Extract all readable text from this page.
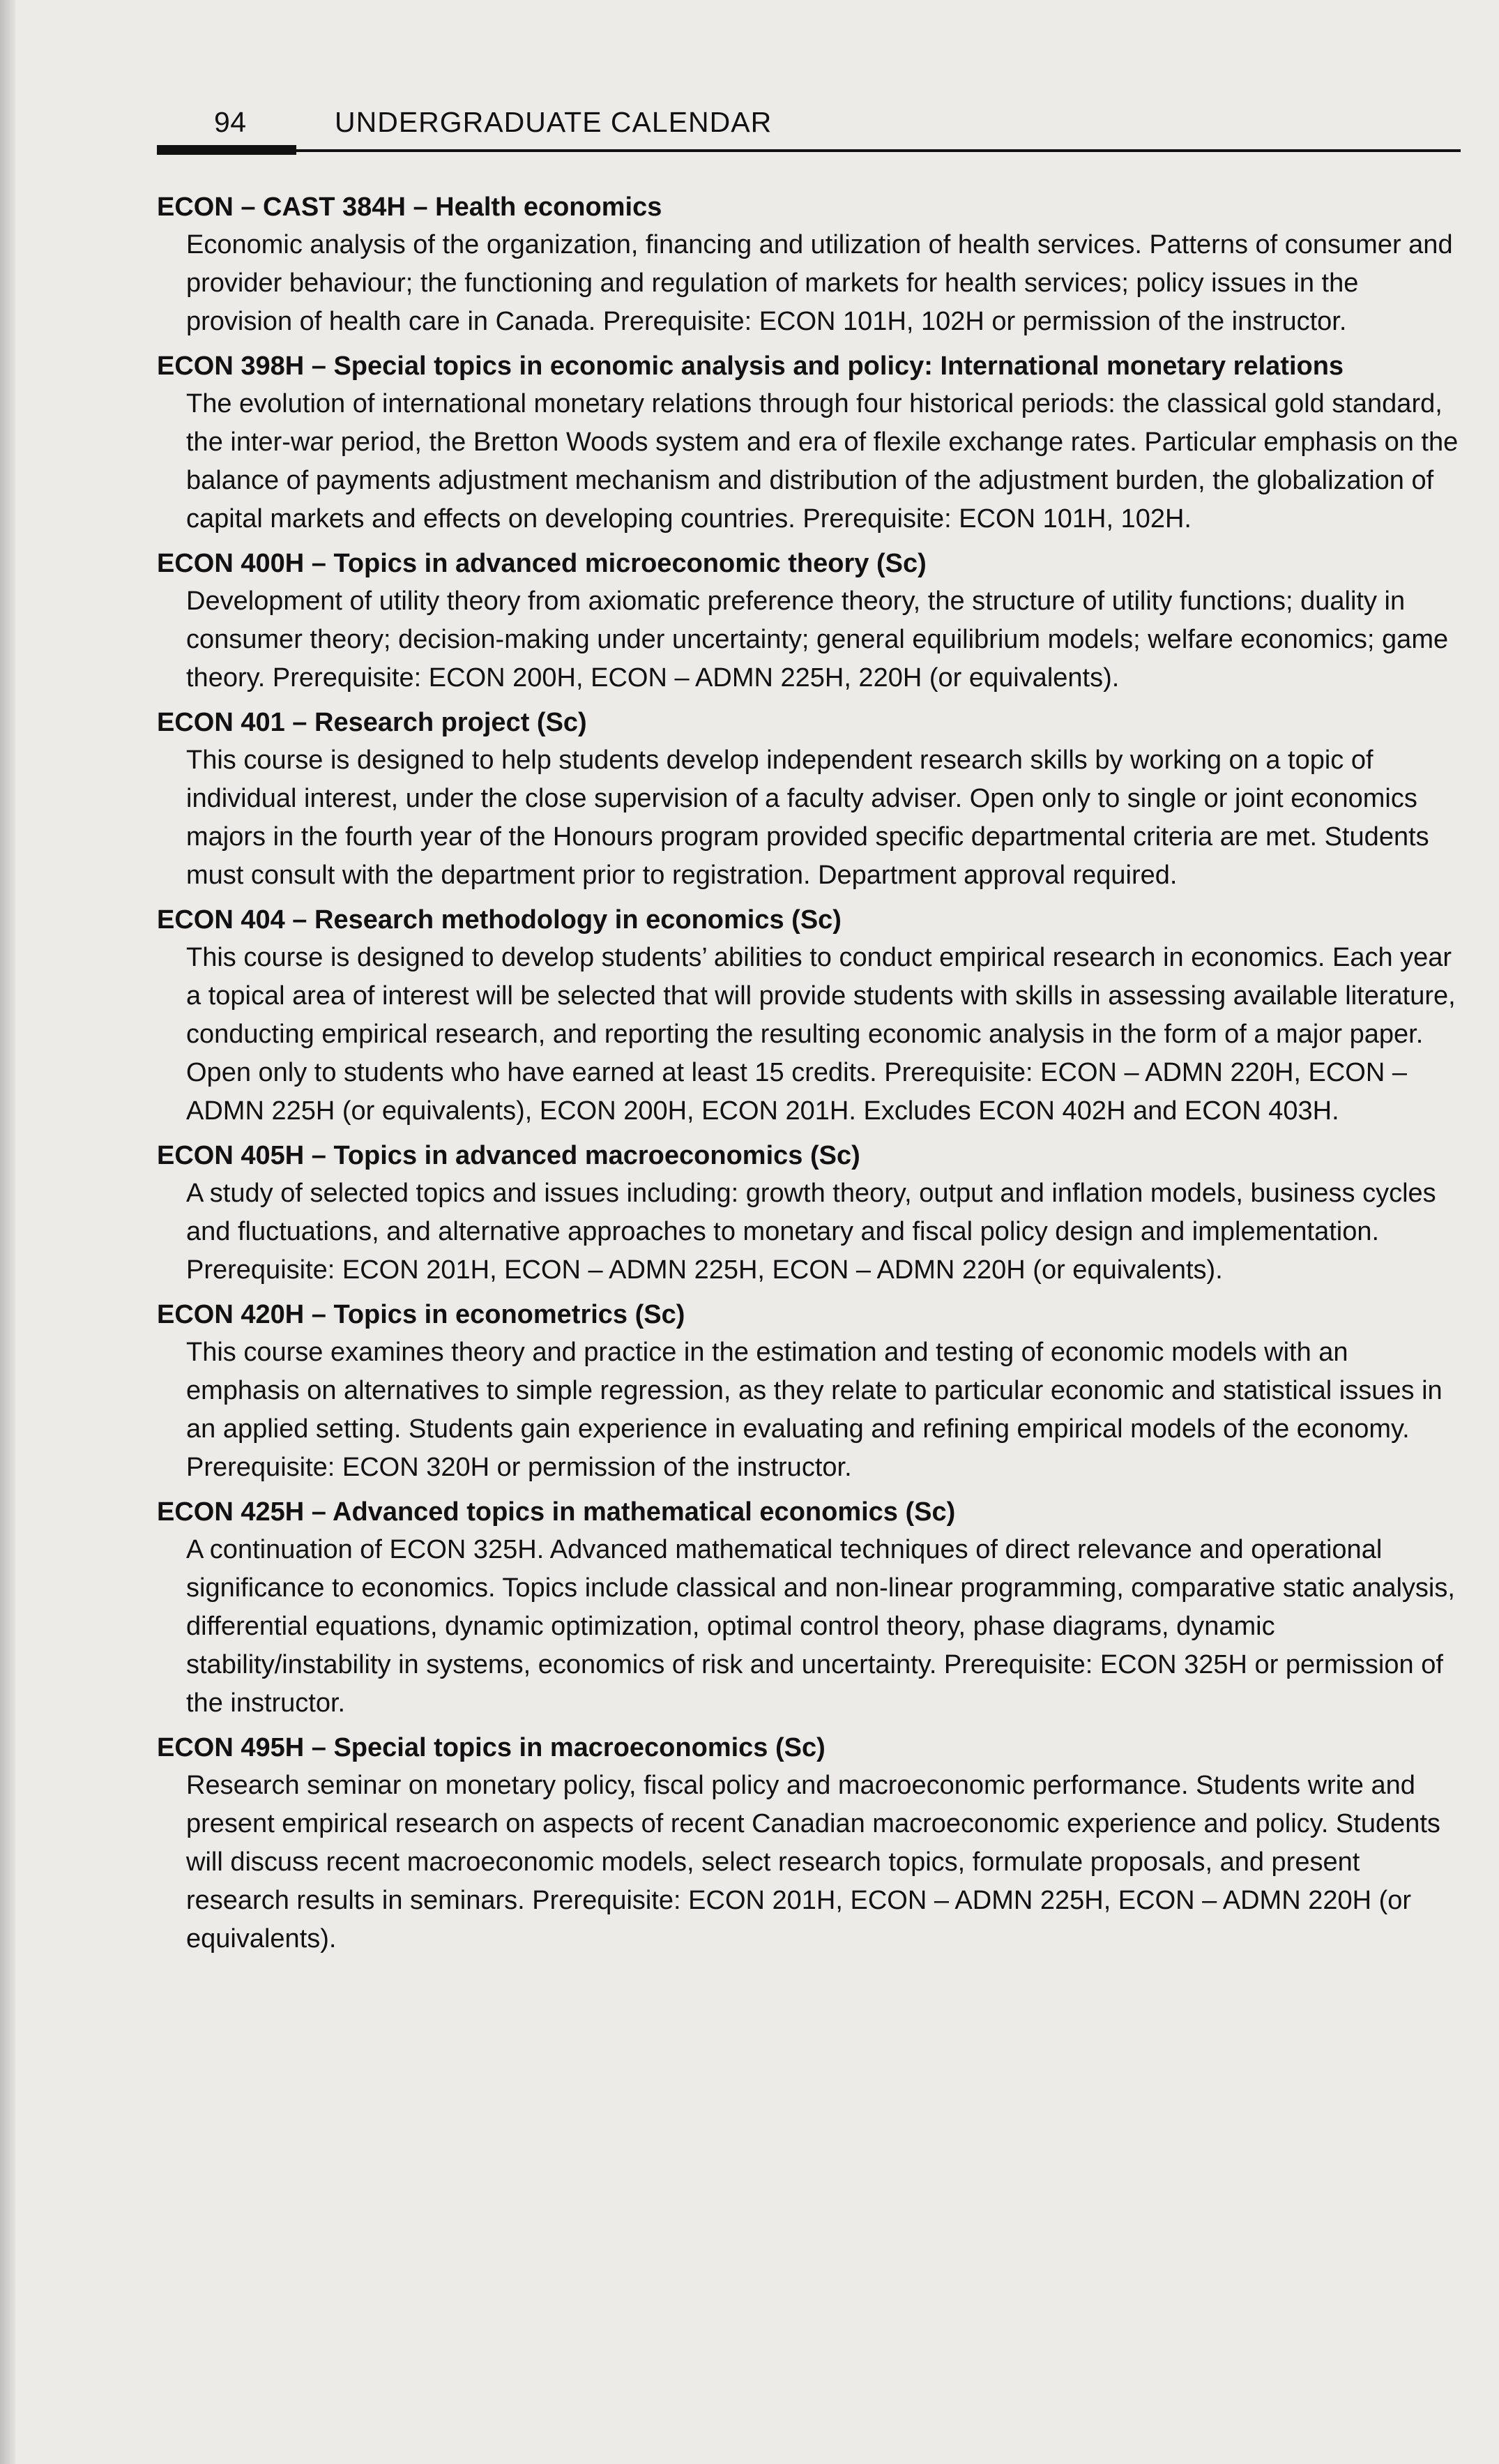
94	UNDERGRADUATE CALENDAR

ECON – CAST 384H – Health economics

Economic analysis of the organization, financing and utilization of health services. Patterns of consumer and provider behaviour; the functioning and regulation of markets for health services; policy issues in the provision of health care in Canada. Prerequisite: ECON 101H, 102H or permission of the instructor.

ECON 398H – Special topics in economic analysis and policy: International monetary relations

The evolution of international monetary relations through four historical periods: the classical gold standard, the inter-war period, the Bretton Woods system and era of flexile exchange rates. Particular emphasis on the balance of payments adjustment mechanism and distribution of the adjustment burden, the globalization of capital markets and effects on developing countries. Prerequisite: ECON 101H, 102H.

ECON 400H – Topics in advanced microeconomic theory (Sc)

Development of utility theory from axiomatic preference theory, the structure of utility functions; duality in consumer theory; decision-making under uncertainty; general equilibrium models; welfare economics; game theory. Prerequisite: ECON 200H, ECON – ADMN 225H, 220H (or equivalents).

ECON 401 – Research project (Sc)

This course is designed to help students develop independent research skills by working on a topic of individual interest, under the close supervision of a faculty adviser. Open only to single or joint economics majors in the fourth year of the Honours program provided specific departmental criteria are met. Students must consult with the department prior to registration. Department approval required.

ECON 404 – Research methodology in economics (Sc)

This course is designed to develop students’ abilities to conduct empirical research in economics. Each year a topical area of interest will be selected that will provide students with skills in assessing available literature, conducting empirical research, and reporting the resulting economic analysis in the form of a major paper. Open only to students who have earned at least 15 credits. Prerequisite: ECON – ADMN 220H, ECON – ADMN 225H (or equivalents), ECON 200H, ECON 201H. Excludes ECON 402H and ECON 403H.

ECON 405H – Topics in advanced macroeconomics (Sc)

A study of selected topics and issues including: growth theory, output and inflation models, business cycles and fluctuations, and alternative approaches to monetary and fiscal policy design and implementation. Prerequisite: ECON 201H, ECON – ADMN 225H, ECON – ADMN 220H (or equivalents).

ECON 420H – Topics in econometrics (Sc)

This course examines theory and practice in the estimation and testing of economic models with an emphasis on alternatives to simple regression, as they relate to particular economic and statistical issues in an applied setting. Students gain experience in evaluating and refining empirical models of the economy. Prerequisite: ECON 320H or permission of the instructor.

ECON 425H – Advanced topics in mathematical economics (Sc)

A continuation of ECON 325H. Advanced mathematical techniques of direct relevance and operational significance to economics. Topics include classical and non-linear programming, comparative static analysis, differential equations, dynamic optimization, optimal control theory, phase diagrams, dynamic stability/instability in systems, economics of risk and uncertainty. Prerequisite: ECON 325H or permission of the instructor.

ECON 495H – Special topics in macroeconomics (Sc)

Research seminar on monetary policy, fiscal policy and macroeconomic performance. Students write and present empirical research on aspects of recent Canadian macroeconomic experience and policy. Students will discuss recent macroeconomic models, select research topics, formulate proposals, and present research results in seminars. Prerequisite: ECON 201H, ECON – ADMN 225H, ECON – ADMN 220H (or equivalents).
